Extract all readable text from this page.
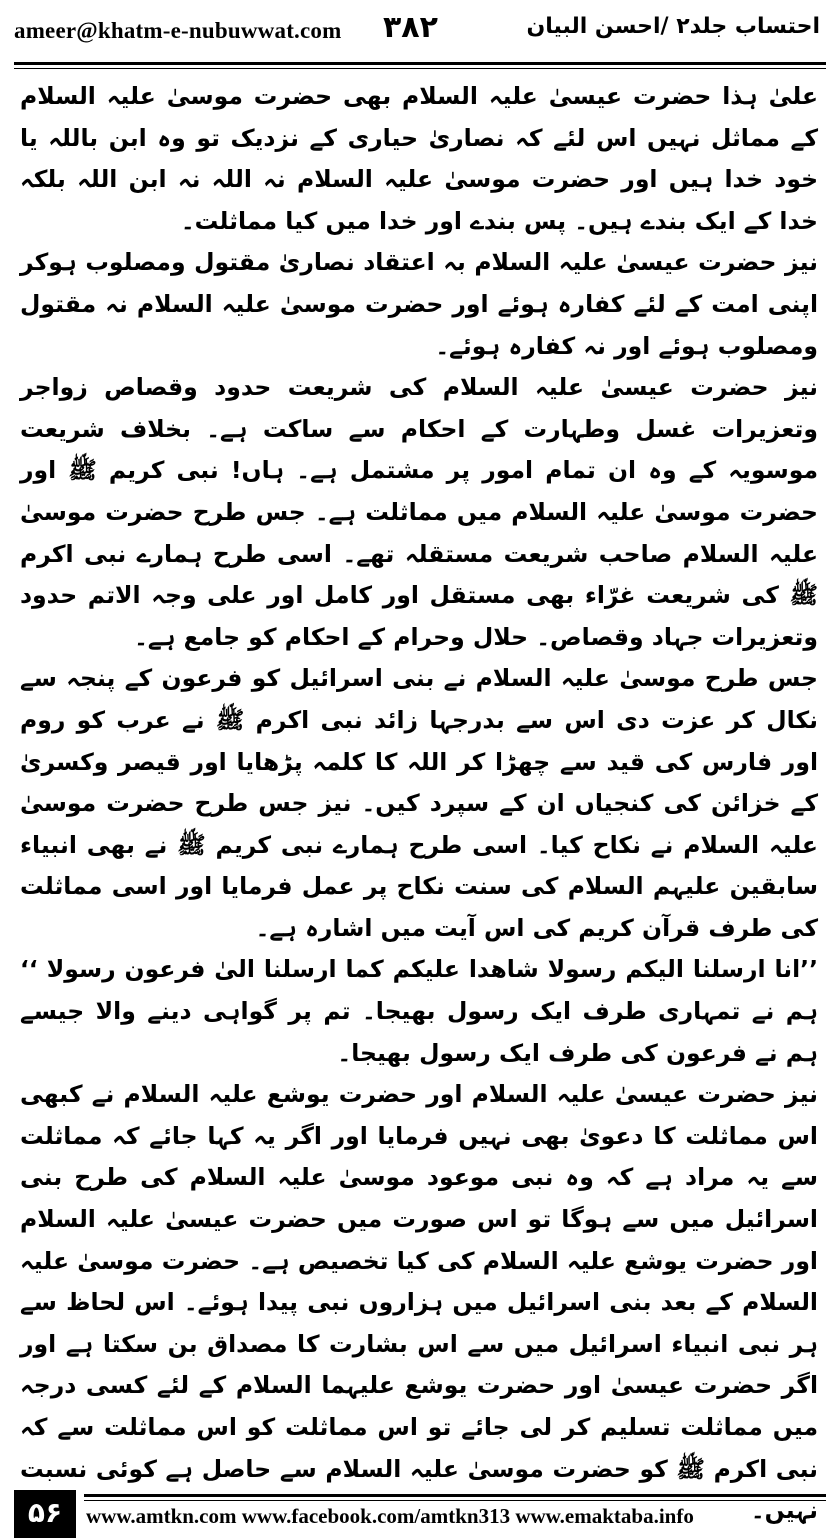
ameer@khatm-e-nubuwwat.com ۳۸۲	احتساب جلد۲ /احسن البیان

علیٰ ہذا حضرت عیسیٰ علیہ السلام بھی حضرت موسیٰ علیہ السلام کے مماثل نہیں اس لئے کہ نصاریٰ حیاری کے نزدیک تو وہ ابن باللہ یا خود خدا ہیں اور حضرت موسیٰ علیہ السلام نہ اللہ نہ ابن اللہ بلکہ خدا کے ایک بندے ہیں۔ پس بندے اور خدا میں کیا مماثلت۔

نیز حضرت عیسیٰ علیہ السلام بہ اعتقاد نصاریٰ مقتول ومصلوب ہوکر اپنی امت کے لئے کفارہ ہوئے اور حضرت موسیٰ علیہ السلام نہ مقتول ومصلوب ہوئے اور نہ کفارہ ہوئے۔

نیز حضرت عیسیٰ علیہ السلام کی شریعت حدود وقصاص زواجر وتعزیرات غسل وطہارت کے احکام سے ساکت ہے۔ بخلاف شریعت موسویہ کے وہ ان تمام امور پر مشتمل ہے۔ ہاں! نبی کریم ﷺ اور حضرت موسیٰ علیہ السلام میں مماثلت ہے۔ جس طرح حضرت موسیٰ علیہ السلام صاحب شریعت مستقلہ تھے۔ اسی طرح ہمارے نبی اکرم ﷺ کی شریعت غرّاء بھی مستقل اور کامل اور علی وجہ الاتم حدود وتعزیرات جہاد وقصاص۔ حلال وحرام کے احکام کو جامع ہے۔

جس طرح موسیٰ علیہ السلام نے بنی اسرائیل کو فرعون کے پنجہ سے نکال کر عزت دی اس سے بدرجہا زائد نبی اکرم ﷺ نے عرب کو روم اور فارس کی قید سے چھڑا کر اللہ کا کلمہ پڑھایا اور قیصر وکسریٰ کے خزائن کی کنجیاں ان کے سپرد کیں۔ نیز جس طرح حضرت موسیٰ علیہ السلام نے نکاح کیا۔ اسی طرح ہمارے نبی کریم ﷺ نے بھی انبیاء سابقین علیہم السلام کی سنت نکاح پر عمل فرمایا اور اسی مماثلت کی طرف قرآن کریم کی اس آیت میں اشارہ ہے۔

’’انا ارسلنا الیکم رسولا شاھدا علیکم کما ارسلنا الیٰ فرعون رسولا ‘‘ ہم نے تمہاری طرف ایک رسول بھیجا۔ تم پر گواہی دینے والا جیسے ہم نے فرعون کی طرف ایک رسول بھیجا۔

نیز حضرت عیسیٰ علیہ السلام اور حضرت یوشع علیہ السلام نے کبھی اس مماثلت کا دعویٰ بھی نہیں فرمایا اور اگر یہ کہا جائے کہ مماثلت سے یہ مراد ہے کہ وہ نبی موعود موسیٰ علیہ السلام کی طرح بنی اسرائیل میں سے ہوگا تو اس صورت میں حضرت عیسیٰ علیہ السلام اور حضرت یوشع علیہ السلام کی کیا تخصیص ہے۔ حضرت موسیٰ علیہ السلام کے بعد بنی اسرائیل میں ہزاروں نبی پیدا ہوئے۔ اس لحاظ سے ہر نبی انبیاء اسرائیل میں سے اس بشارت کا مصداق بن سکتا ہے اور اگر حضرت عیسیٰ اور حضرت یوشع علیہما السلام کے لئے کسی درجہ میں مماثلت تسلیم کر لی جائے تو اس مماثلت کو اس مماثلت سے کہ نبی اکرم ﷺ کو حضرت موسیٰ علیہ السلام سے حاصل ہے کوئی نسبت نہیں۔

۵۶	www.amtkn.com www.facebook.com/amtkn313 www.emaktaba.info
